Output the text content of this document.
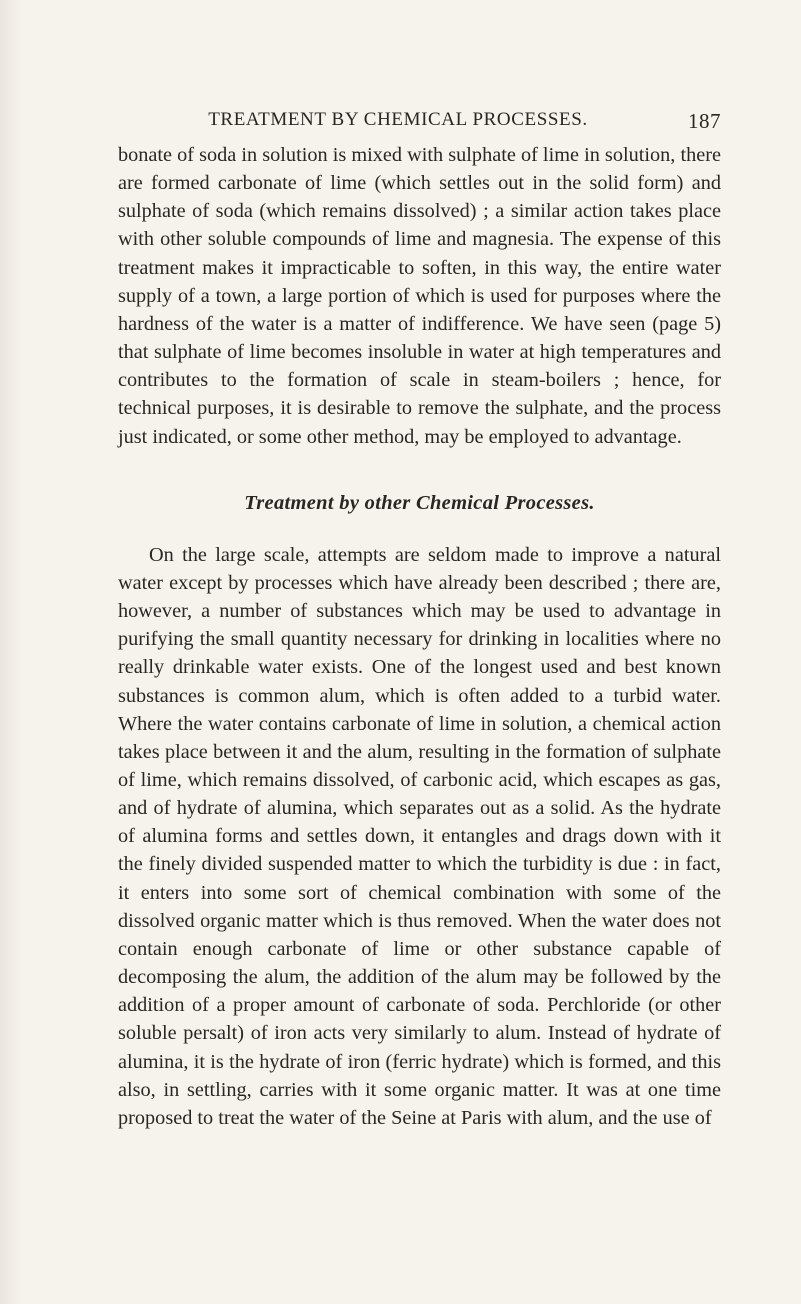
TREATMENT BY CHEMICAL PROCESSES.	187

bonate of soda in solution is mixed with sulphate of lime in solution, there are formed carbonate of lime (which settles out in the solid form) and sulphate of soda (which remains dissolved) ; a similar action takes place with other soluble compounds of lime and magnesia. The expense of this treatment makes it impracticable to soften, in this way, the entire water supply of a town, a large portion of which is used for purposes where the hardness of the water is a matter of indifference. We have seen (page 5) that sulphate of lime becomes insoluble in water at high temperatures and contributes to the formation of scale in steam-boilers ; hence, for technical purposes, it is desirable to remove the sulphate, and the process just indicated, or some other method, may be employed to advantage.

Treatment by other Chemical Processes.

On the large scale, attempts are seldom made to improve a natural water except by processes which have already been described ; there are, however, a number of substances which may be used to advantage in purifying the small quantity necessary for drinking in localities where no really drinkable water exists. One of the longest used and best known substances is common alum, which is often added to a turbid water. Where the water contains carbonate of lime in solution, a chemical action takes place between it and the alum, resulting in the formation of sulphate of lime, which remains dissolved, of carbonic acid, which escapes as gas, and of hydrate of alumina, which separates out as a solid. As the hydrate of alumina forms and settles down, it entangles and drags down with it the finely divided suspended matter to which the turbidity is due : in fact, it enters into some sort of chemical combination with some of the dissolved organic matter which is thus removed. When the water does not contain enough carbonate of lime or other substance capable of decomposing the alum, the addition of the alum may be followed by the addition of a proper amount of carbonate of soda. Perchloride (or other soluble persalt) of iron acts very similarly to alum. Instead of hydrate of alumina, it is the hydrate of iron (ferric hydrate) which is formed, and this also, in settling, carries with it some organic matter. It was at one time proposed to treat the water of the Seine at Paris with alum, and the use of
